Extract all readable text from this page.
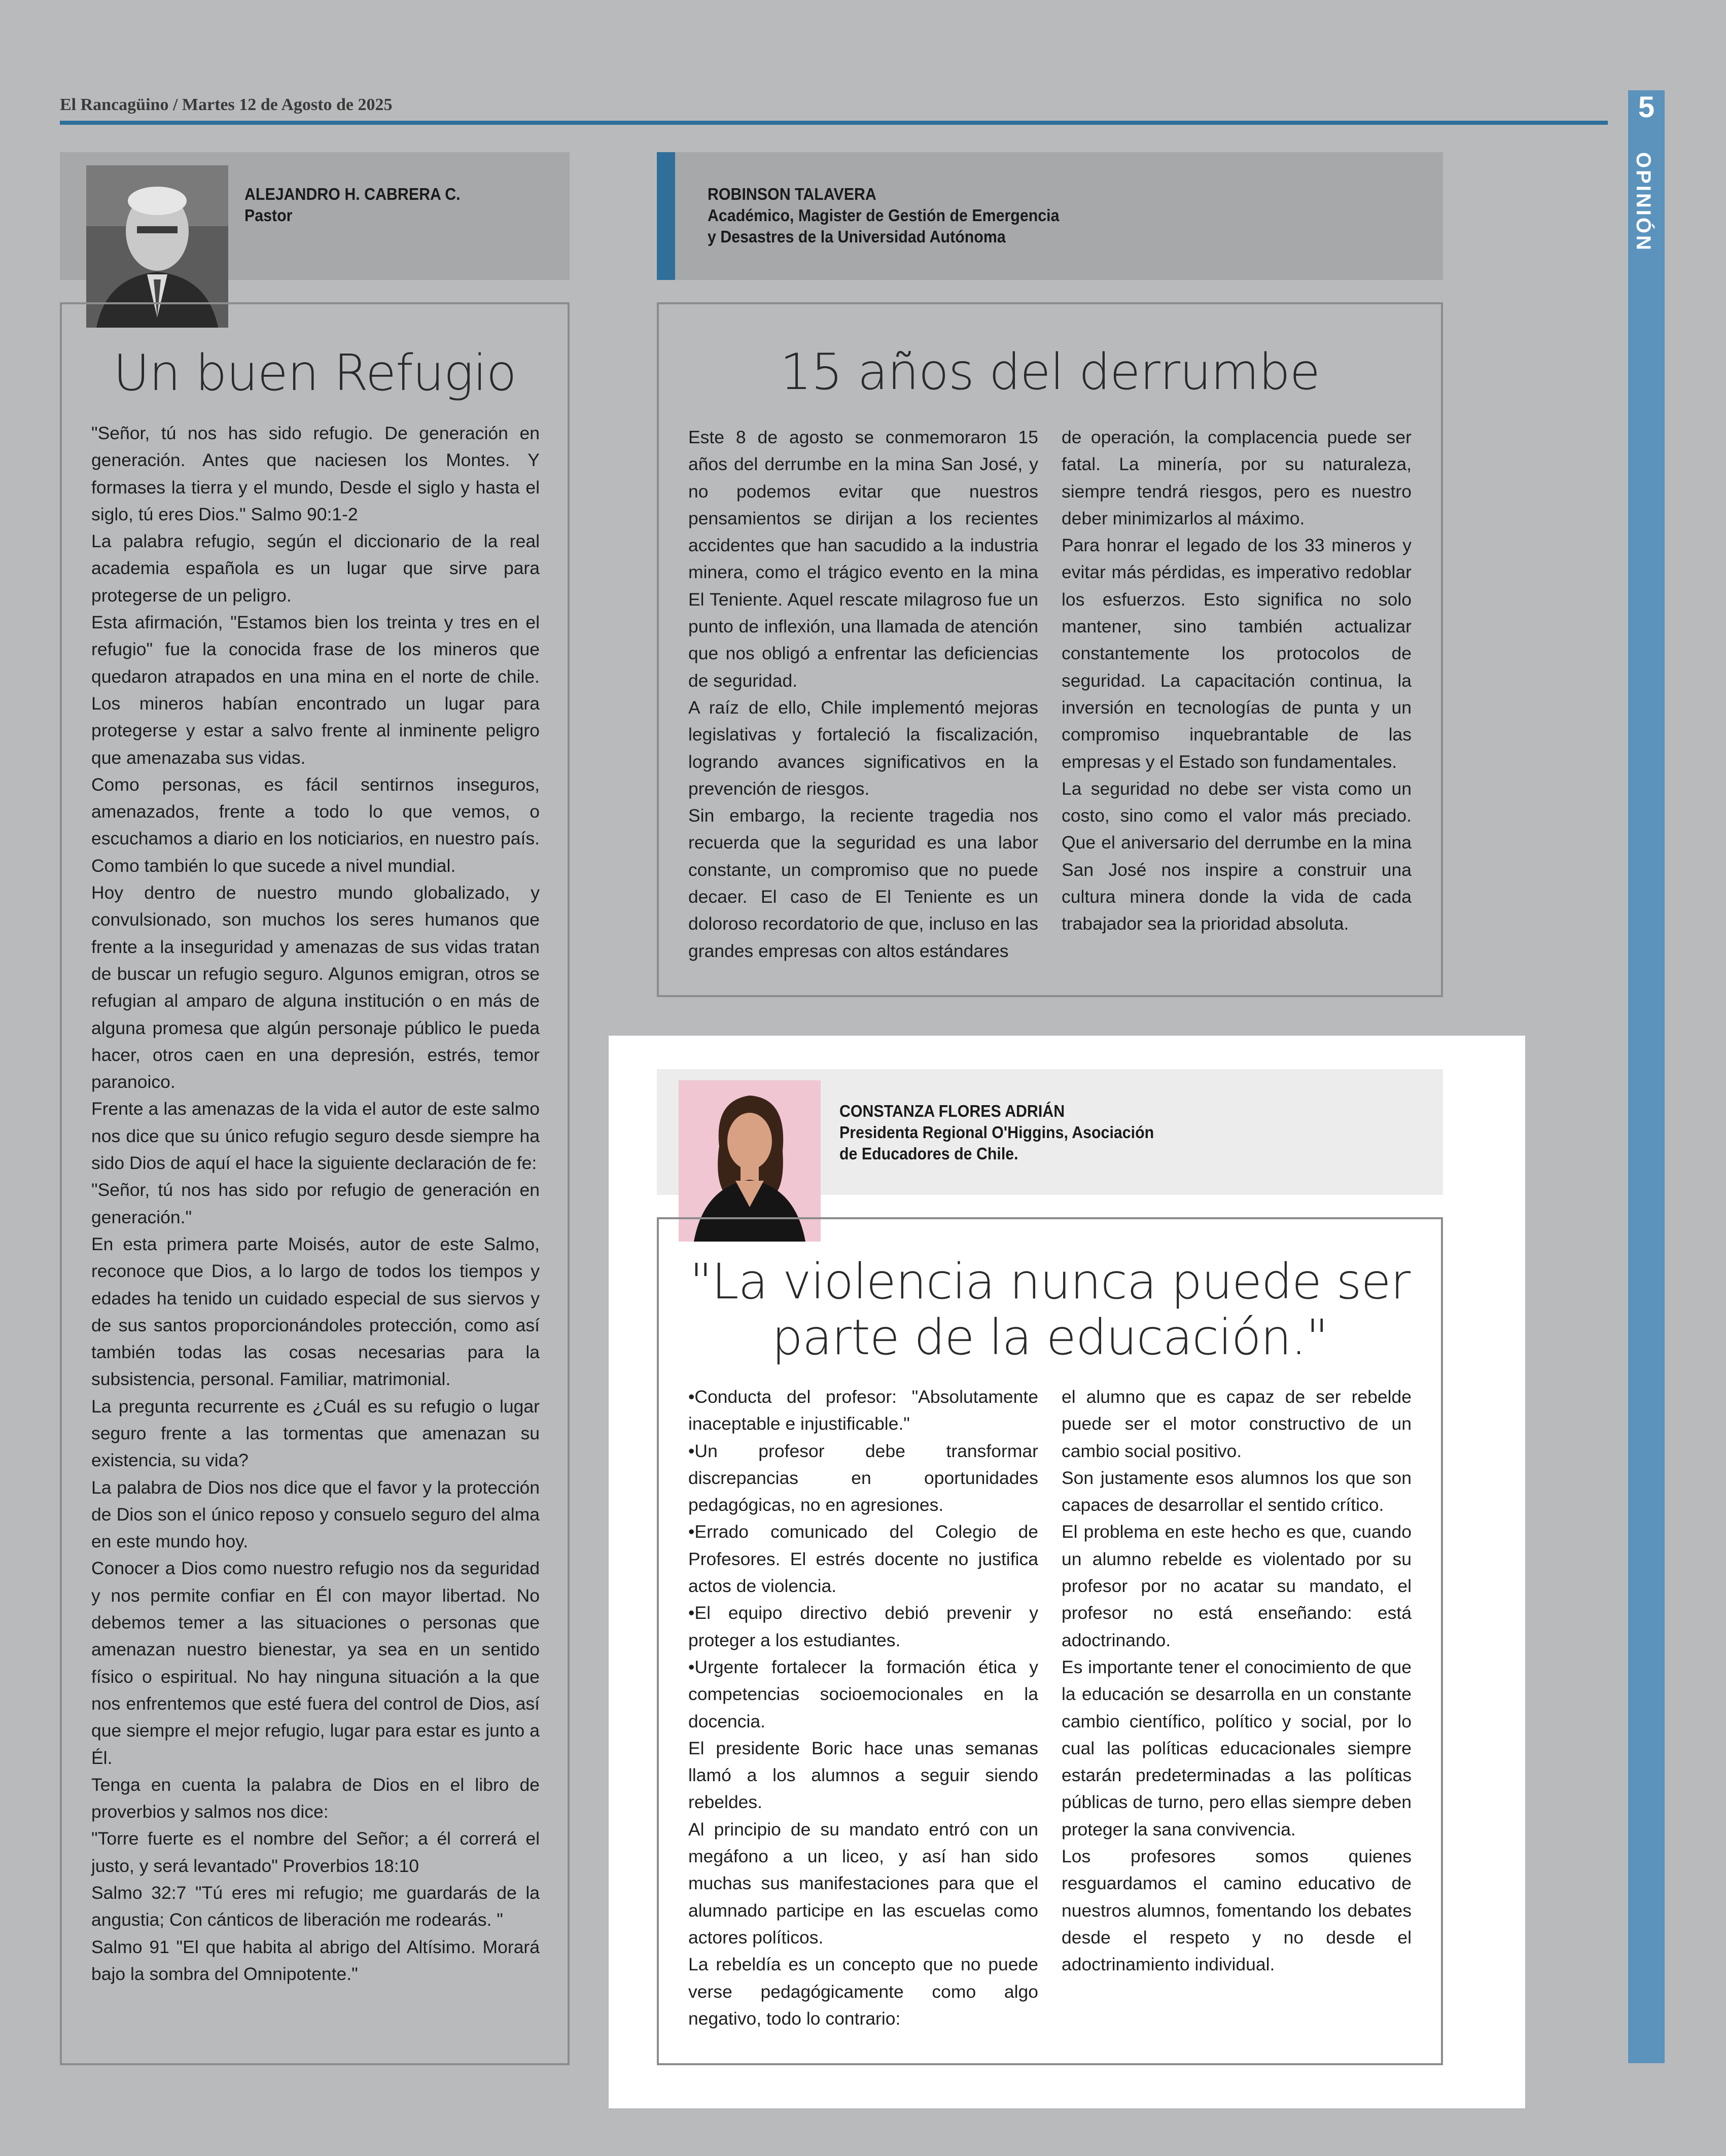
El Rancagüino / Martes 12 de Agosto de 2025	5
OPINIÓN
ALEJANDRO H. CABRERA C.
Pastor
Un buen Refugio

"Señor, tú nos has sido refugio. De generación en generación. Antes que naciesen los Montes. Y formases la tierra y el mundo, Desde el siglo y hasta el siglo, tú eres Dios." Salmo 90:1-2

La palabra refugio, según el diccionario de la real academia española es un lugar que sirve para protegerse de un peligro.

Esta afirmación, "Estamos bien los treinta y tres en el refugio" fue la conocida frase de los mineros que quedaron atrapados en una mina en el norte de chile. Los mineros habían encontrado un lugar para protegerse y estar a salvo frente al inminente peligro que amenazaba sus vidas.

Como personas, es fácil sentirnos inseguros, amenazados, frente a todo lo que vemos, o escuchamos a diario en los noticiarios, en nuestro país. Como también lo que sucede a nivel mundial.

Hoy dentro de nuestro mundo globalizado, y convulsionado, son muchos los seres humanos que frente a la inseguridad y amenazas de sus vidas tratan de buscar un refugio seguro. Algunos emigran, otros se refugian al amparo de alguna institución o en más de alguna promesa que algún personaje público le pueda hacer, otros caen en una depresión, estrés, temor paranoico.

Frente a las amenazas de la vida el autor de este salmo nos dice que su único refugio seguro desde siempre ha sido Dios de aquí el hace la siguiente declaración de fe:

"Señor, tú nos has sido por refugio de generación en generación."

En esta primera parte Moisés, autor de este Salmo, reconoce que Dios, a lo largo de todos los tiempos y edades ha tenido un cuidado especial de sus siervos y de sus santos proporcionándoles protección, como así también todas las cosas necesarias para la subsistencia, personal. Familiar, matrimonial.

La pregunta recurrente es ¿Cuál es su refugio o lugar seguro frente a las tormentas que amenazan su existencia, su vida?

La palabra de Dios nos dice que el favor y la protección de Dios son el único reposo y consuelo seguro del alma en este mundo hoy.

Conocer a Dios como nuestro refugio nos da seguridad y nos permite confiar en Él con mayor libertad. No debemos temer a las situaciones o personas que amenazan nuestro bienestar, ya sea en un sentido físico o espiritual. No hay ninguna situación a la que nos enfrentemos que esté fuera del control de Dios, así que siempre el mejor refugio, lugar para estar es junto a Él.

Tenga en cuenta la palabra de Dios en el libro de proverbios y salmos nos dice:

"Torre fuerte es el nombre del Señor; a él correrá el justo, y será levantado" Proverbios 18:10

Salmo 32:7 "Tú eres mi refugio; me guardarás de la angustia; Con cánticos de liberación me rodearás. "

Salmo 91 "El que habita al abrigo del Altísimo. Morará bajo la sombra del Omnipotente."

ROBINSON TALAVERA
Académico, Magister de Gestión de Emergencia
y Desastres de la Universidad Autónoma
15 años del derrumbe

Este 8 de agosto se conmemoraron 15 años del derrumbe en la mina San José, y no podemos evitar que nuestros pensamientos se dirijan a los recientes accidentes que han sacudido a la industria minera, como el trágico evento en la mina El Teniente. Aquel rescate milagroso fue un punto de inflexión, una llamada de atención que nos obligó a enfrentar las deficiencias de seguridad.

A raíz de ello, Chile implementó mejoras legislativas y fortaleció la fiscalización, logrando avances significativos en la prevención de riesgos.

Sin embargo, la reciente tragedia nos recuerda que la seguridad es una labor constante, un compromiso que no puede decaer. El caso de El Teniente es un doloroso recordatorio de que, incluso en las grandes empresas con altos estándares

de operación, la complacencia puede ser fatal. La minería, por su naturaleza, siempre tendrá riesgos, pero es nuestro deber minimizarlos al máximo.

Para honrar el legado de los 33 mineros y evitar más pérdidas, es imperativo redoblar los esfuerzos. Esto significa no solo mantener, sino también actualizar constantemente los protocolos de seguridad. La capacitación continua, la inversión en tecnologías de punta y un compromiso inquebrantable de las empresas y el Estado son fundamentales.

La seguridad no debe ser vista como un costo, sino como el valor más preciado. Que el aniversario del derrumbe en la mina San José nos inspire a construir una cultura minera donde la vida de cada trabajador sea la prioridad absoluta.

CONSTANZA FLORES ADRIÁN
Presidenta Regional O'Higgins, Asociación
de Educadores de Chile.
"La violencia nunca puede ser
parte de la educación."

•Conducta del profesor: "Absolutamente inaceptable e injustificable."

•Un profesor debe transformar discrepancias en oportunidades pedagógicas, no en agresiones.

•Errado comunicado del Colegio de Profesores. El estrés docente no justifica actos de violencia.

•El equipo directivo debió prevenir y proteger a los estudiantes.

•Urgente fortalecer la formación ética y competencias socioemocionales en la docencia.

El presidente Boric hace unas semanas llamó a los alumnos a seguir siendo rebeldes.

Al principio de su mandato entró con un megáfono a un liceo, y así han sido muchas sus manifestaciones para que el alumnado participe en las escuelas como actores políticos.

La rebeldía es un concepto que no puede verse pedagógicamente como algo negativo, todo lo contrario:

el alumno que es capaz de ser rebelde puede ser el motor constructivo de un cambio social positivo.

Son justamente esos alumnos los que son capaces de desarrollar el sentido crítico.

El problema en este hecho es que, cuando un alumno rebelde es violentado por su profesor por no acatar su mandato, el profesor no está enseñando: está adoctrinando.

Es importante tener el conocimiento de que la educación se desarrolla en un constante cambio científico, político y social, por lo cual las políticas educacionales siempre estarán predeterminadas a las políticas públicas de turno, pero ellas siempre deben proteger la sana convivencia.

Los profesores somos quienes resguardamos el camino educativo de nuestros alumnos, fomentando los debates desde el respeto y no desde el adoctrinamiento individual.
